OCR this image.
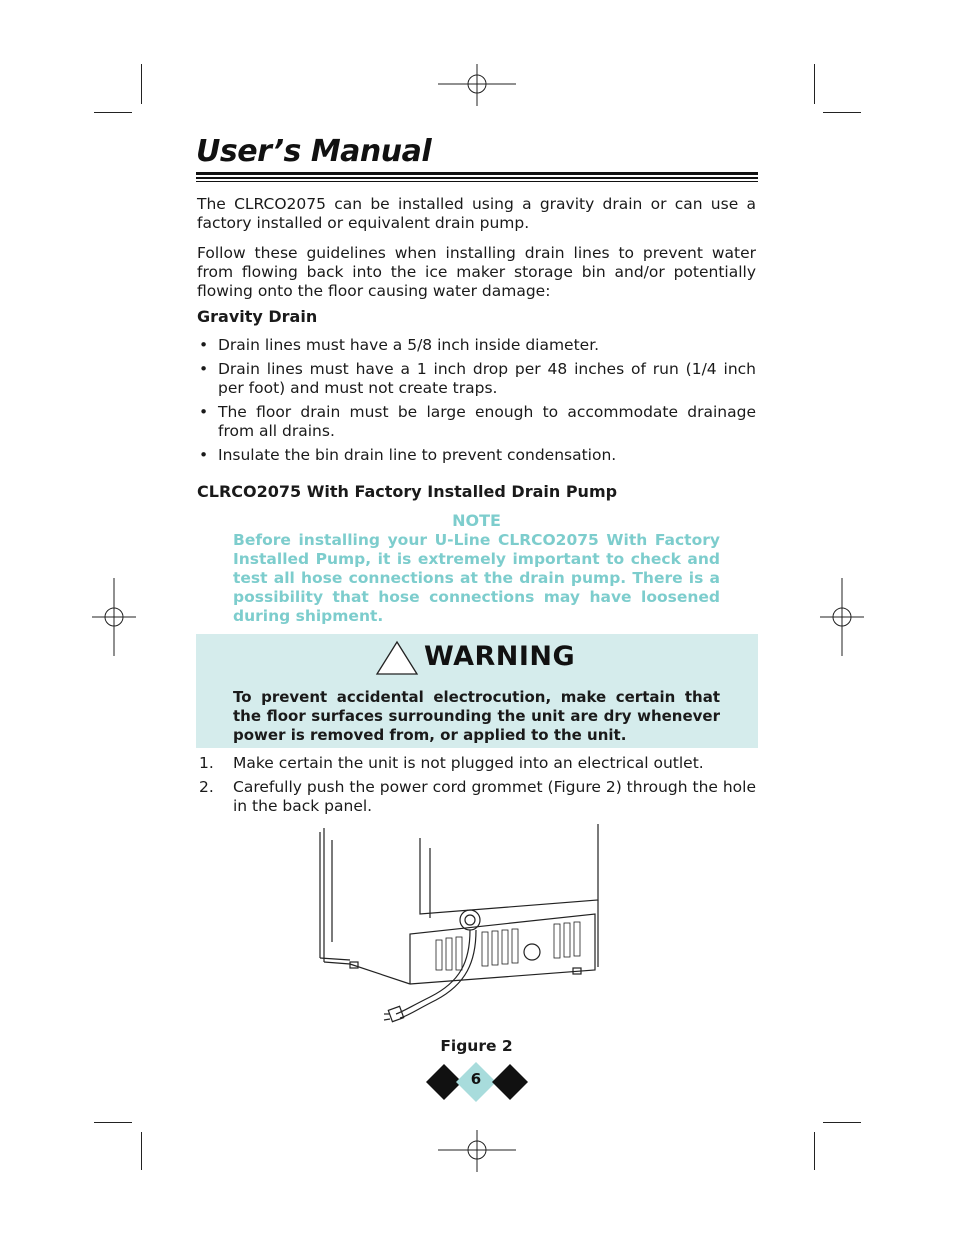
User’s Manual
The CLRCO2075 can be installed using a gravity drain or can use a factory installed or equivalent drain pump.
Follow these guidelines when installing drain lines to prevent water from flowing back into the ice maker storage bin and/or potentially flowing onto the floor causing water damage:
Gravity Drain
• Drain lines must have a 5/8 inch inside diameter.
• Drain lines must have a 1 inch drop per 48 inches of run (1/4 inch per foot) and must not create traps.
• The floor drain must be large enough to accommodate drainage from all drains.
• Insulate the bin drain line to prevent condensation.
CLRCO2075 With Factory Installed Drain Pump
NOTE
Before installing your U-Line CLRCO2075 With Factory Installed Pump, it is extremely important to check and test all hose connections at the drain pump. There is a possibility that hose connections may have loosened during shipment.
WARNING
To prevent accidental electrocution, make certain that the floor surfaces surrounding the unit are dry whenever power is removed from, or applied to the unit.
1. Make certain the unit is not plugged into an electrical outlet.
2. Carefully push the power cord grommet (Figure 2) through the hole in the back panel.
Figure 2
6
